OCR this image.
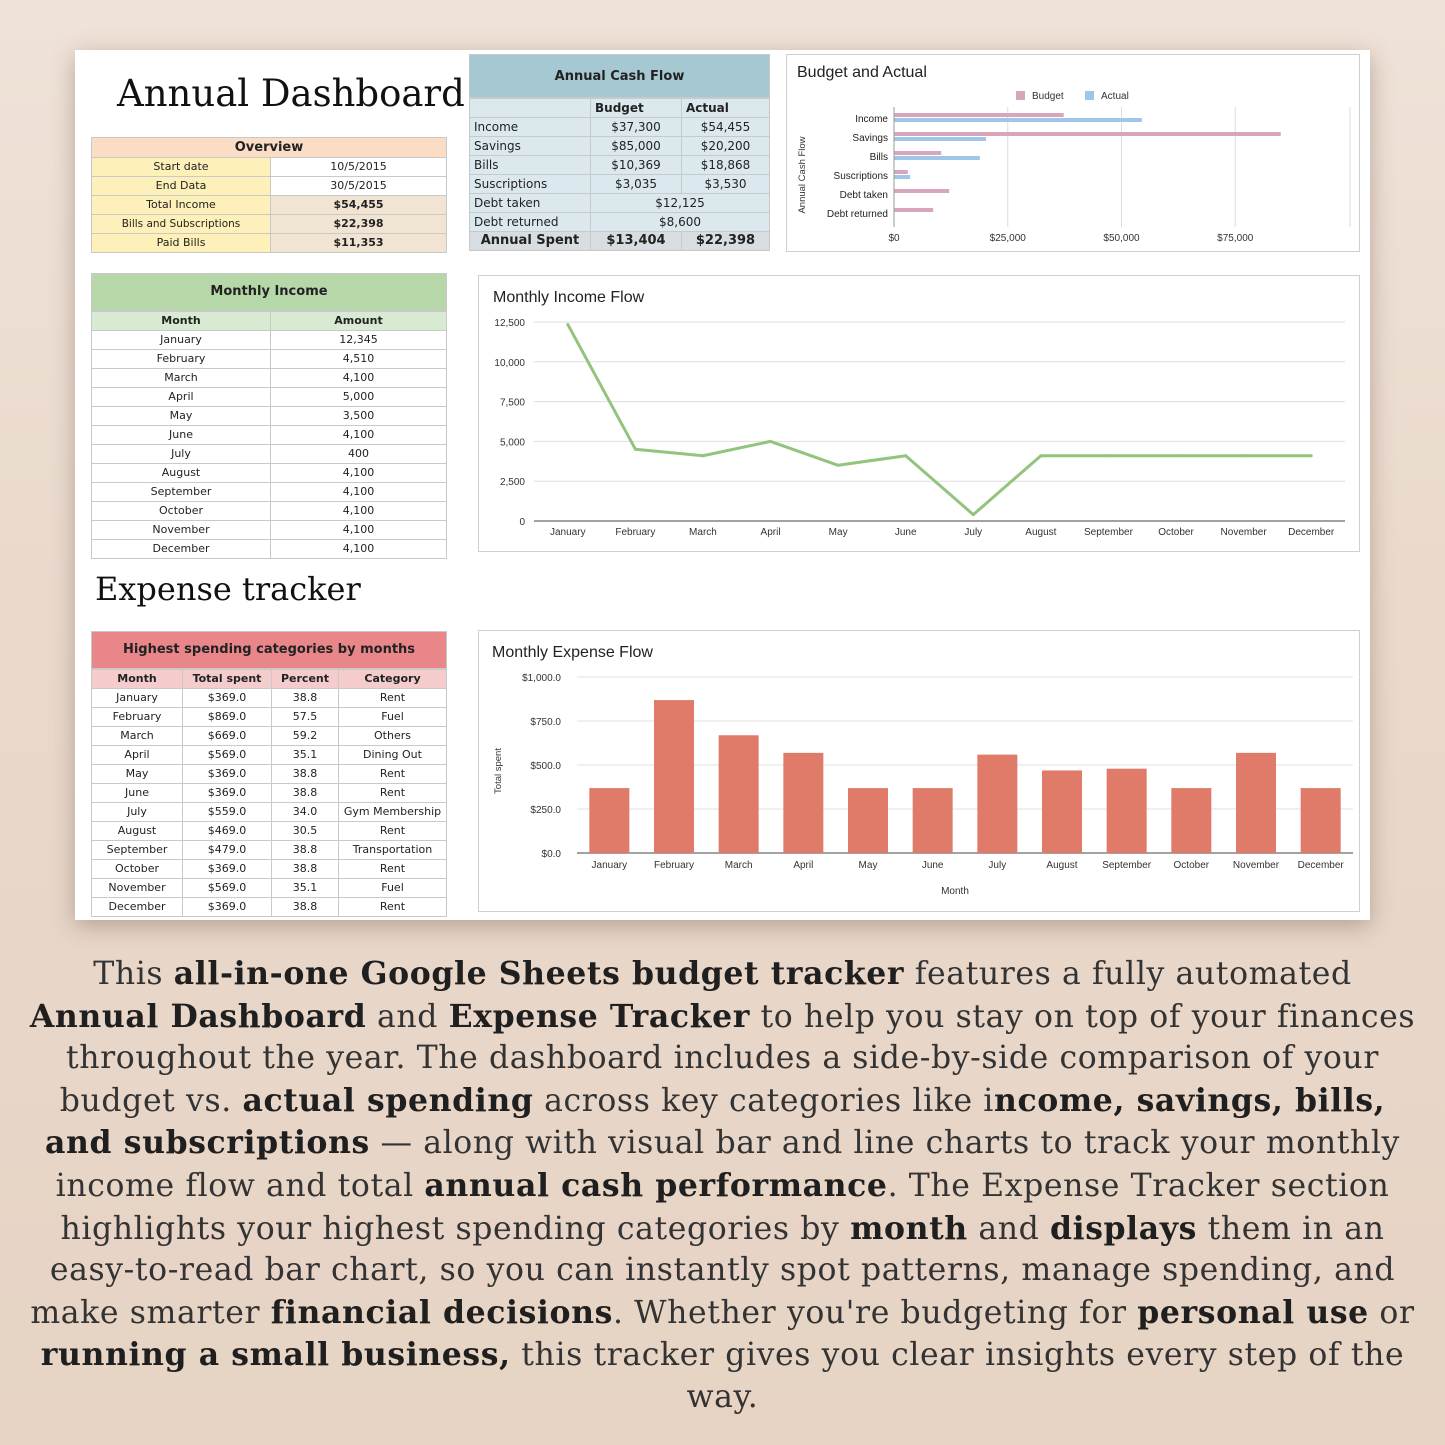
Annual Dashboard
Overview	
Start date	10/5/2015
End Data	30/5/2015
Total Income	$54,455
Bills and Subscriptions	$22,398
Paid Bills	$11,353
Annual Cash Flow
	Budget	Actual
Income	$37,300	$54,455
Savings	$85,000	$20,200
Bills	$10,369	$18,868
Suscriptions	$3,035	$3,530
Debt taken	$12,125	
Debt returned	$8,600	
Annual Spent	$13,404	$22,398
Budget and Actual
Budget	Actual
$0	$25,000	$50,000	$75,000
Annual Cash Flow
Income
Savings
Bills
Suscriptions
Debt taken
Debt returned
Monthly Income
Month	Amount
January	12,345
February	4,510
March	4,100
April	5,000
May	3,500
June	4,100
July	400
August	4,100
September	4,100
October	4,100
November	4,100
December	4,100
Monthly Income Flow
0
2,500
5,000
7,500
10,000
12,500
January	February	March	April	May	June	July	August	September	October	November December
Expense tracker
Highest spending categories by months
Month	Total spent	Percent	Category
January	$369.0	38.8	Rent
February	$869.0	57.5	Fuel
March	$669.0	59.2	Others
April	$569.0	35.1	Dining Out
May	$369.0	38.8	Rent
June	$369.0	38.8	Rent
July	$559.0	34.0	Gym Membership
August	$469.0	30.5	Rent
September	$479.0	38.8	Transportation
October	$369.0	38.8	Rent
November	$569.0	35.1	Fuel
December	$369.0	38.8	Rent
Monthly Expense Flow
$0.0
$250.0
$500.0
$750.0
$1,000.0
January	February	March	April	May	June	July	August September October November December
Month
Total spent
This all-in-one Google Sheets budget tracker features a fully automated Annual Dashboard and Expense Tracker to help you stay on top of your finances throughout the year. The dashboard includes a side-by-side comparison of your budget vs. actual spending across key categories like income, savings, bills, and subscriptions — along with visual bar and line charts to track your monthly income flow and total annual cash performance. The Expense Tracker section highlights your highest spending categories by month and displays them in an easy-to-read bar chart, so you can instantly spot patterns, manage spending, and make smarter financial decisions. Whether you're budgeting for personal use or running a small business, this tracker gives you clear insights every step of the way.
